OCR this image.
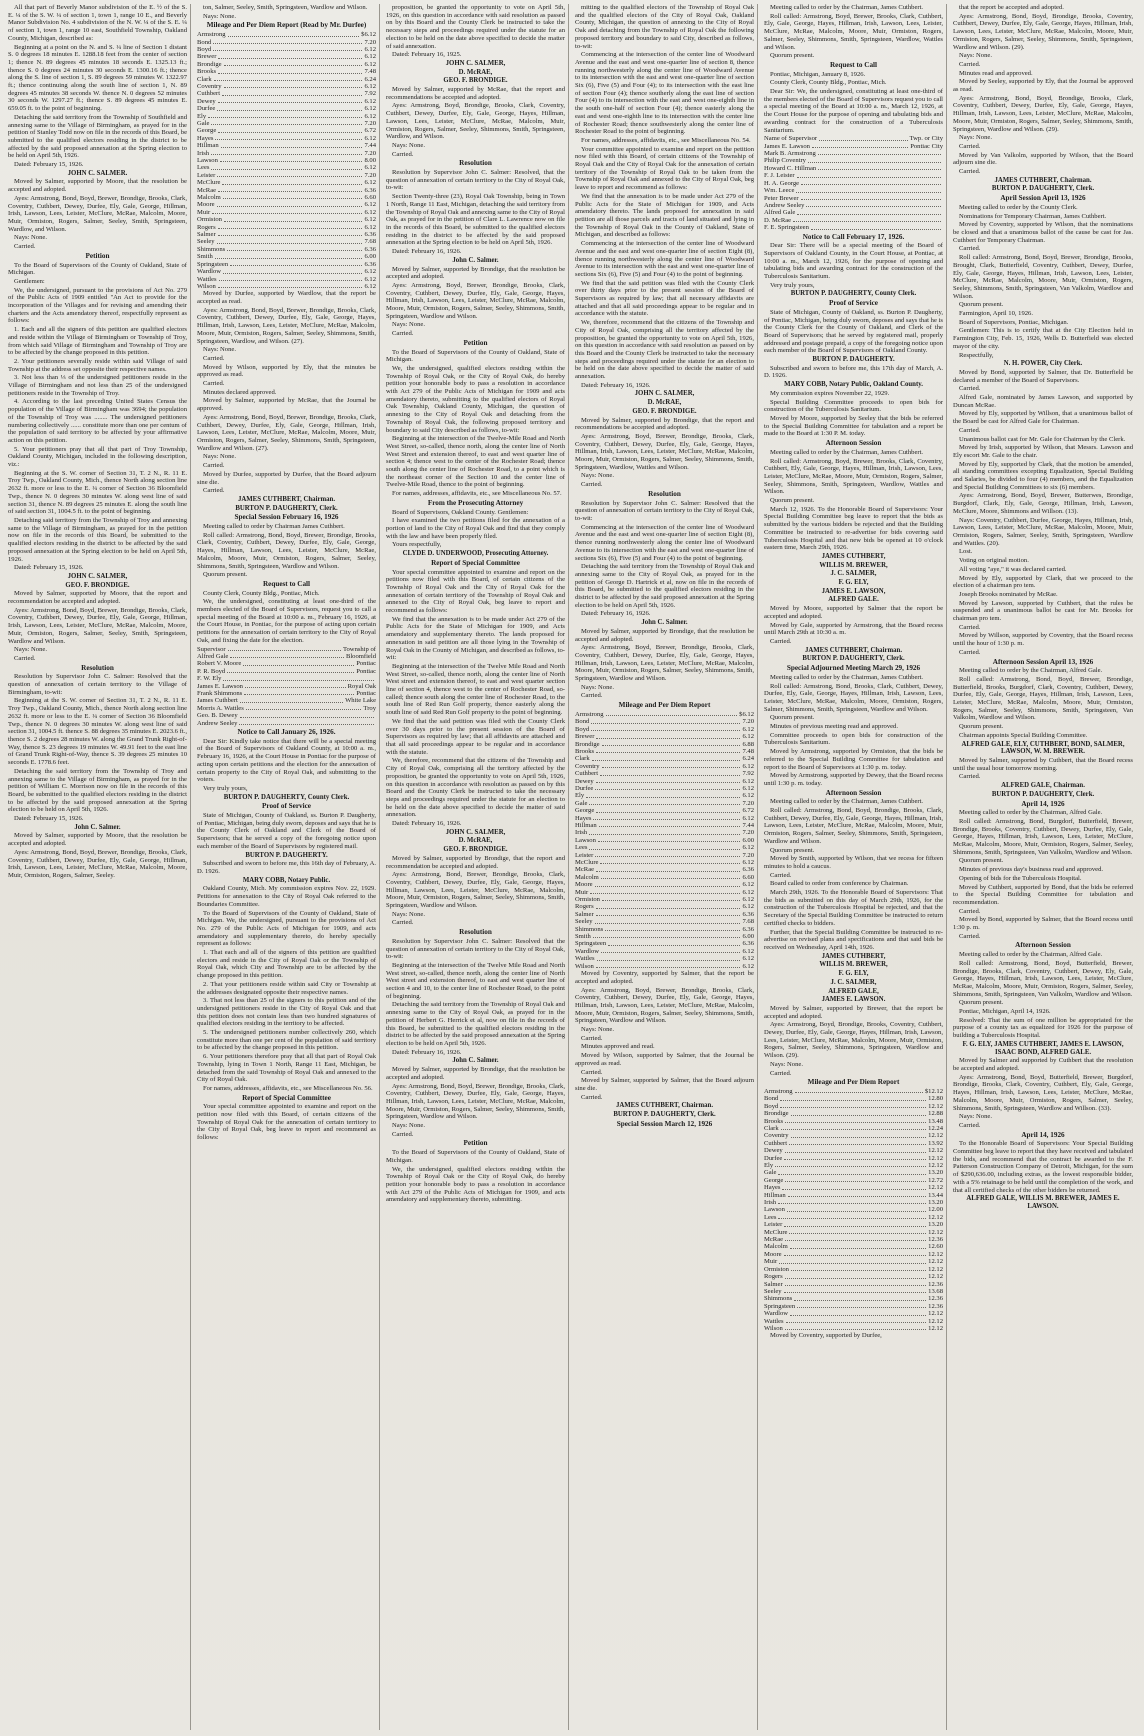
All that part of Beverly Manor subdivision of the E. ½ of the S. E. ¼ of the S. W. ¼ of section 1, town 1, range 10 E., and Beverly Manor Subdivision No. 4 subdivision of the N. W. ¼ of the S. E. ¼ of section 1, town 1, range 10 east, Southfield Township, Oakland County, Michigan, described as:

Beginning at a point on the N. and S. ¼ line of Section 1 distant S. 0 degrees 18 minutes E. 1288.18 feet from the center of section 1; thence N. 89 degrees 45 minutes 18 seconds E. 1325.13 ft.; thence S. 0 degrees 24 minutes 30 seconds E. 1300.16 ft.; thence along the S. line of section 1, S. 89 degrees 59 minutes W. 1322.97 ft.; thence continuing along the south line of section 1, N. 89 degrees 45 minutes 38 seconds W. thence N. 0 degrees 52 minutes 30 seconds W. 1297.27 ft.; thence S. 89 degrees 45 minutes E. 659.05 ft. to the point of beginning.

Detaching the said territory from the Township of Southfield and annexing same to the Village of Birmingham, as prayed for in the petition of Stanley Todd now on file in the records of this Board, be submitted to the qualified electors residing in the district to be affected by the said proposed annexation at the Spring election to be held on April 5th, 1926.

Dated: February 15, 1926.

JOHN C. SALMER.

Moved by Salmer, supported by Moore, that the resolution be accepted and adopted.

Ayes: Armstrong, Bond, Boyd, Brewer, Brondige, Brooks, Clark, Coventry, Cuthbert, Dewey, Durfee, Ely, Gale, George, Hillman, Irish, Lawson, Lees, Leister, McClure, McRae, Malcolm, Moore, Muir, Ormiston, Rogers, Salmer, Seeley, Smith, Springsteen, Wardlow, and Wilson.

Nays: None.

Carried.

Petition

To the Board of Supervisors of the County of Oakland, State of Michigan.

Gentlemen:

We, the undersigned, pursuant to the provisions of Act No. 279 of the Public Acts of 1909 entitled "An Act to provide for the incorporation of the Villages and for revising and amending their charters and the Acts amendatory thereof, respectfully represent as follows:

1. Each and all the signers of this petition are qualified electors and reside within the Village of Birmingham or Township of Troy, from which said Village of Birmingham and Township of Troy are to be affected by the change proposed in this petition.

2. Your petitioners severally reside within said Village of said Township at the address set opposite their respective names.

3. Not less than ⅓ of the undersigned petitioners reside in the Village of Birmingham and not less than 25 of the undersigned petitioners reside in the Township of Troy.

4. According to the last preceding United States Census the population of the Village of Birmingham was 3694; the population of the Township of Troy was ........ The undersigned petitioners numbering collectively ...... constitute more than one per centum of the population of said territory to be affected by your affirmative action on this petition.

5. Your petitioners pray that all that part of Troy Township, Oakland County, Michigan, included in the following description, viz.:

Beginning at the S. W. corner of Section 31, T. 2 N., R. 11 E. Troy Twp., Oakland County, Mich., thence North along section line 2632 ft. more or less to the E. ¼ corner of Section 36 Bloomfield Twp., thence N. 0 degrees 30 minutes W. along west line of said section 31, thence N. 89 degrees 25 minutes E. along the south line of said section 31, 1004.5 ft. to the point of beginning.

Detaching said territory from the Township of Troy and annexing same to the Village of Birmingham, as prayed for in the petition now on file in the records of this Board, be submitted to the qualified electors residing in the district to be affected by the said proposed annexation at the Spring election to be held on April 5th, 1926.

Dated: February 15, 1926.

JOHN C. SALMER,
GEO. F. BRONDIGE.

Moved by Salmer, supported by Moore, that the report and recommendation be accepted and adopted.

Ayes: Armstrong, Bond, Boyd, Brewer, Brondige, Brooks, Clark, Coventry, Cuthbert, Dewey, Durfee, Ely, Gale, George, Hillman, Irish, Lawson, Lees, Leister, McClure, McRae, Malcolm, Moore, Muir, Ormiston, Rogers, Salmer, Seeley, Smith, Springsteen, Wardlow and Wilson.

Nays: None.

Carried.

Resolution

Resolution by Supervisor John C. Salmer: Resolved that the question of annexation of certain territory to the Village of Birmingham, to-wit:

Beginning at the S. W. corner of Section 31, T. 2 N., R. 11 E. Troy Twp., Oakland County, Mich., thence North along section line 2632 ft. more or less to the E. ¼ corner of Section 36 Bloomfield Twp., thence N. 0 degrees 30 minutes W. along west line of said section 31, 1004.5 ft. thence S. 88 degrees 35 minutes E. 2023.6 ft., thence S. 2 degrees 28 minutes W. along the Grand Trunk Right-of-Way, thence S. 23 degrees 19 minutes W. 49.91 feet to the east line of Grand Trunk Right-of-Way, thence S. 39 degrees 25 minutes 10 seconds E. 1778.6 feet.

Detaching the said territory from the Township of Troy and annexing same to the Village of Birmingham, as prayed for in the petition of William C. Morrison now on file in the records of this Board, be submitted to the qualified electors residing in the district to be affected by the said proposed annexation at the Spring election to be held on April 5th, 1926.

Dated: February 15, 1926.

John C. Salmer.

Moved by Salmer, supported by Moore, that the resolution be accepted and adopted.

Ayes: Armstrong, Bond, Boyd, Brewer, Brondige, Brooks, Clark, Coventry, Cuthbert, Dewey, Durfee, Ely, Gale, George, Hillman, Irish, Lawson, Lees, Leister, McClure, McRae, Malcolm, Moore, Muir, Ormiston, Rogers, Salmer, Seeley.

ton, Salmer, Seeley, Smith, Springsteen, Wardlow and Wilson.

Nays: None.

Mileage and Per Diem Report (Read by Mr. Durfee)
Armstrong	$6.12
Bond	7.20
Boyd	6.12
Brewer	6.12
Brondige	6.12
Brooks	7.48
Clark	6.24
Coventry	6.12
Cuthbert	7.92
Dewey	6.12
Durfee	6.12
Ely	6.12
Gale	7.20
George	6.72
Hayes	6.12
Hillman	7.44
Irish	7.20
Lawson	8.00
Lees	6.12
Leister	7.20
McClure	6.12
McRae	6.36
Malcolm	6.60
Moore	6.12
Muir	6.12
Ormiston	6.12
Rogers	6.12
Salmer	6.36
Seeley	7.68
Shimmons	6.36
Smith	6.00
Springsteen	6.36
Wardlow	6.12
Wattles	6.12
Wilson	6.12

Moved by Durfee, supported by Wardlow, that the report be accepted as read.

Ayes: Armstrong, Bond, Boyd, Brewer, Brondige, Brooks, Clark, Coventry, Cuthbert, Dewey, Durfee, Ely, Gale, George, Hayes, Hillman, Irish, Lawson, Lees, Leister, McClure, McRae, Malcolm, Moore, Muir, Ormiston, Rogers, Salmer, Seeley, Shimmons, Smith, Springsteen, Wardlow, and Wilson. (27).

Nays: None.

Carried.

Moved by Wilson, supported by Ely, that the minutes be approved as read.

Carried.

Minutes declared approved.

Moved by Salmer, supported by McRae, that the Journal be approved.

Ayes: Armstrong, Bond, Boyd, Brewer, Brondige, Brooks, Clark, Cuthbert, Dewey, Durfee, Ely, Gale, George, Hillman, Irish, Lawson, Lees, Leister, McClure, McRae, Malcolm, Moore, Muir, Ormiston, Rogers, Salmer, Seeley, Shimmons, Smith, Springsteen, Wardlow and Wilson. (27).

Nays: None.

Carried.

Moved by Durfee, supported by Durfee, that the Board adjourn sine die.

Carried.

JAMES CUTHBERT, Chairman.
BURTON P. DAUGHERTY, Clerk.
Special Session February 16, 1926

Meeting called to order by Chairman James Cuthbert.

Roll called: Armstrong, Bond, Boyd, Brewer, Brondige, Brooks, Clark, Coventry, Cuthbert, Dewey, Durfee, Ely, Gale, George, Hayes, Hillman, Lawson, Lees, Leister, McClure, McRae, Malcolm, Moore, Muir, Ormiston, Rogers, Salmer, Seeley, Shimmons, Smith, Springsteen, Wardlow and Wilson.

Quorum present.

Request to Call

County Clerk, County Bldg., Pontiac, Mich.

We, the undersigned, constituting at least one-third of the members elected of the Board of Supervisors, request you to call a special meeting of the Board at 10:00 a. m., February 16, 1926, at the Court House, in Pontiac, for the purpose of acting upon certain petitions for the annexation of certain territory to the City of Royal Oak, and fixing the date for the election.

Supervisor	Township of
Alfred Gale	Bloomfield
Robert V. Moore	Pontiac
P. R. Boyd	Pontiac
F. W. Ely
James E. Lawson	Royal Oak
Frank Shimmons	Pontiac
James Cuthbert	White Lake
Morris A. Wattles	Troy
Geo. B. Dewey
Andrew Seeley
Notice to Call January 26, 1926.

Dear Sir: Kindly take notice that there will be a special meeting of the Board of Supervisors of Oakland County, at 10:00 a. m., February 16, 1926, at the Court House in Pontiac for the purpose of acting upon certain petitions and the election for the annexation of certain property to the City of Royal Oak, and submitting to the voters.

Very truly yours,

BURTON P. DAUGHERTY, County Clerk.
Proof of Service

State of Michigan, County of Oakland, ss. Burton P. Daugherty, of Pontiac, Michigan, being duly sworn, deposes and says that he is the County Clerk of Oakland and Clerk of the Board of Supervisors; that he served a copy of the foregoing notice upon each member of the Board of Supervisors by registered mail.

BURTON P. DAUGHERTY.

Subscribed and sworn to before me, this 16th day of February, A. D. 1926.

MARY COBB, Notary Public.

Oakland County, Mich. My commission expires Nov. 22, 1929. Petitions for annexation to the City of Royal Oak referred to the Boundaries Committee.

To the Board of Supervisors of the County of Oakland, State of Michigan. We, the undersigned, pursuant to the provisions of Act No. 279 of the Public Acts of Michigan for 1909, and acts amendatory and supplementary thereto, do hereby specially represent as follows:

1. That each and all of the signers of this petition are qualified electors and reside in the City of Royal Oak or the Township of Royal Oak, which City and Township are to be affected by the change proposed in this petition.

2. That your petitioners reside within said City or Township at the addresses designated opposite their respective names.

3. That not less than 25 of the signers to this petition and of the undersigned petitioners reside in the City of Royal Oak and that this petition does not contain less than two hundred signatures of qualified electors residing in the territory to be affected.

5. The undersigned petitioners number collectively 260, which constitute more than one per cent of the population of said territory to be affected by the change proposed in this petition.

6. Your petitioners therefore pray that all that part of Royal Oak Township, lying in Town 1 North, Range 11 East, Michigan, be detached from the said Township of Royal Oak and annexed to the City of Royal Oak.

For names, addresses, affidavits, etc., see Miscellaneous No. 56.

Report of Special Committee

Your special committee appointed to examine and report on the petition now filed with this Board, of certain citizens of the Township of Royal Oak for the annexation of certain territory to the City of Royal Oak, beg leave to report and recommend as follows:

proposition, be granted the opportunity to vote on April 5th, 1926, on this question in accordance with said resolution as passed on by this Board and the County Clerk be instructed to take the necessary steps and proceedings required under the statute for an election to be held on the date above specified to decide the matter of said annexation.

Dated: February 16, 1925.

JOHN C. SALMER,
D. McRAE,
GEO. F. BRONDIGE.

Moved by Salmer, supported by McRae, that the report and recommendations be accepted and adopted.

Ayes: Armstrong, Boyd, Brondige, Brooks, Clark, Coventry, Cuthbert, Dewey, Durfee, Ely, Gale, George, Hayes, Hillman, Lawson, Lees, Leister, McClure, McRae, Malcolm, Muir, Ormiston, Rogers, Salmer, Seeley, Shimmons, Smith, Springsteen, Wardlow, and Wilson.

Nays: None.

Carried.

Resolution

Resolution by Supervisor John C. Salmer: Resolved, that the question of annexation of certain territory to the City of Royal Oak, to-wit:

Section Twenty-three (23), Royal Oak Township, being in Town 1 North, Range 11 East, Michigan, detaching the said territory from the Township of Royal Oak and annexing same to the City of Royal Oak, as prayed for in the petition of Clare L. Lawrence now on file in the records of this Board, be submitted to the qualified electors residing in the district to be affected by the said proposed annexation at the Spring election to be held on April 5th, 1926.

Dated: February 16, 1926.

John C. Salmer.

Moved by Salmer, supported by Brondige, that the resolution be accepted and adopted.

Ayes: Armstrong, Boyd, Brewer, Brondige, Brooks, Clark, Coventry, Cuthbert, Dewey, Durfee, Ely, Gale, George, Hayes, Hillman, Irish, Lawson, Lees, Leister, McClure, McRae, Malcolm, Moore, Muir, Ormiston, Rogers, Salmer, Seeley, Shimmons, Smith, Springsteen, Wardlow and Wilson.

Nays: None.

Carried.

Petition

To the Board of Supervisors of the County of Oakland, State of Michigan.

We, the undersigned, qualified electors residing within the Township of Royal Oak, or the City of Royal Oak, do hereby petition your honorable body to pass a resolution in accordance with Act 279 of the Public Acts of Michigan for 1909 and acts amendatory thereto, submitting to the qualified electors of Royal Oak Township, Oakland County, Michigan, the question of annexing to the City of Royal Oak and detaching from the Township of Royal Oak, the following proposed territory and boundary to said City described as follows, to-wit:

Beginning at the intersection of the Twelve-Mile Road and North West Street, so-called, thence north, along the center line of North West Street and extension thereof, to east and west quarter line of section 4; thence west to the center of the Rochester Road; thence south along the center line of Rochester Road, to a point which is the northeast corner of the Section 10 and the center line of Twelve-Mile Road, thence to the point of beginning.

For names, addresses, affidavits, etc., see Miscellaneous No. 57.

From the Prosecuting Attorney

Board of Supervisors, Oakland County. Gentlemen:

I have examined the two petitions filed for the annexation of a portion of land to the City of Royal Oak and find that they comply with the law and have been properly filed.

Yours respectfully,

CLYDE D. UNDERWOOD, Prosecuting Attorney.
Report of Special Committee

Your special committee appointed to examine and report on the petitions now filed with this Board, of certain citizens of the Township of Royal Oak and the City of Royal Oak for the annexation of certain territory of the Township of Royal Oak and annexed to the City of Royal Oak, beg leave to report and recommend as follows:

We find that the annexation is to be made under Act 279 of the Public Acts for the State of Michigan for 1909, and Acts amendatory and supplementary thereto. The lands proposed for annexation in said petition are all those lying in the Township of Royal Oak in the County of Michigan, and described as follows, to-wit:

Beginning at the intersection of the Twelve Mile Road and North West Street, so-called, thence north, along the center line of North West street and extension thereof, to east and west quarter section line of section 4, thence west to the center of Rochester Road, so-called; thence south along the center line of Rochester Road, to the south line of Red Run Golf property, thence easterly along the south line of said Red Run Golf property to the point of beginning.

We find that the said petition was filed with the County Clerk over 30 days prior to the present session of the Board of Supervisors as required by law; that all affidavits are attached and that all said proceedings appear to be regular and in accordance with the statute.

We, therefore, recommend that the citizens of the Township and City of Royal Oak, comprising all the territory affected by the proposition, be granted the opportunity to vote on April 5th, 1926, on this question in accordance with resolution as passed on by this Board and the County Clerk be instructed to take the necessary steps and proceedings required under the statute for an election to be held on the date above specified to decide the matter of said annexation.

Dated: February 16, 1926.

JOHN C. SALMER,
D. McRAE,
GEO. F. BRONDIGE.

Moved by Salmer, supported by Brondige, that the report and recommendation be accepted and adopted.

Ayes: Armstrong, Bond, Brewer, Brondige, Brooks, Clark, Coventry, Cuthbert, Dewey, Durfee, Ely, Gale, George, Hayes, Hillman, Lawson, Lees, Leister, McClure, McRae, Malcolm, Moore, Muir, Ormiston, Rogers, Salmer, Seeley, Shimmons, Smith, Springsteen, Wardlow and Wilson.

Nays: None.

Carried.

Resolution

Resolution by Supervisor John C. Salmer: Resolved that the question of annexation of certain territory to the City of Royal Oak, to-wit:

Beginning at the intersection of the Twelve Mile Road and North West street, so-called, thence north, along the center line of North West street and extension thereof, to east and west quarter line of section 4 and 10, to the center line of Rochester Road, to the point of beginning.

Detaching the said territory from the Township of Royal Oak and annexing same to the City of Royal Oak, as prayed for in the petition of Herbert G. Herrick et al, now on file in the records of this Board, be submitted to the qualified electors residing in the district to be affected by the said proposed annexation at the Spring election to be held on April 5th, 1926.

Dated: February 16, 1926.

John C. Salmer.

Moved by Salmer, supported by Brondige, that the resolution be accepted and adopted.

Ayes: Armstrong, Bond, Boyd, Brewer, Brondige, Brooks, Clark, Coventry, Cuthbert, Dewey, Durfee, Ely, Gale, George, Hayes, Hillman, Irish, Lawson, Lees, Leister, McClure, McRae, Malcolm, Moore, Muir, Ormiston, Rogers, Salmer, Seeley, Shimmons, Smith, Springsteen, Wardlow and Wilson.

Nays: None.

Carried.

Petition

To the Board of Supervisors of the County of Oakland, State of Michigan.

We, the undersigned, qualified electors residing within the Township of Royal Oak or the City of Royal Oak, do hereby petition your honorable body to pass a resolution in accordance with Act 279 of the Public Acts of Michigan for 1909, and acts amendatory and supplementary thereto, submitting.

mitting to the qualified electors of the Township of Royal Oak and the qualified electors of the City of Royal Oak, Oakland County, Michigan, the question of annexing to the City of Royal Oak and detaching from the Township of Royal Oak the following proposed territory and boundary to said City, described as follows, to-wit:

Commencing at the intersection of the center line of Woodward Avenue and the east and west one-quarter line of section 8, thence running northwesterly along the center line of Woodward Avenue to its intersection with the east and west one-quarter line of section Six (6), Five (5) and Four (4); to its intersection with the east line of section Four (4); thence southerly along the east line of section Four (4) to its intersection with the east and west one-eighth line in the south one-half of section Four (4); thence easterly along the east and west one-eighth line to its intersection with the center line of Rochester Road; thence southwesterly along the center line of Rochester Road to the point of beginning.

For names, addresses, affidavits, etc., see Miscellaneous No. 54.

Your committee appointed to examine and report on the petition now filed with this Board, of certain citizens of the Township of Royal Oak and the City of Royal Oak for the annexation of certain territory of the Township of Royal Oak to be taken from the Township of Royal Oak and annexed to the City of Royal Oak, beg leave to report and recommend as follows:

We find that the annexation is to be made under Act 279 of the Public Acts for the State of Michigan for 1909, and Acts amendatory thereto. The lands proposed for annexation in said petition are all those parcels and tracts of land situated and lying in the Township of Royal Oak in the County of Oakland, State of Michigan, and described as follows:

Commencing at the intersection of the center line of Woodward Avenue and the east and west one-quarter line of section Eight (8), thence running northwesterly along the center line of Woodward Avenue to its intersection with the east and west one-quarter line of sections Six (6), Five (5) and Four (4) to the point of beginning.

We find that the said petition was filed with the County Clerk over thirty days prior to the present session of the Board of Supervisors as required by law; that all necessary affidavits are attached and that all said proceedings appear to be regular and in accordance with the statute.

We, therefore, recommend that the citizens of the Township and City of Royal Oak, comprising all the territory affected by the proposition, be granted the opportunity to vote on April 5th, 1926, on this question in accordance with said resolution as passed on by this Board and the County Clerk be instructed to take the necessary steps and proceedings required under the statute for an election to be held on the date above specified to decide the matter of said annexation.

Dated: February 16, 1926.

JOHN C. SALMER,
D. McRAE,
GEO. F. BRONDIGE.

Moved by Salmer, supported by Brondige, that the report and recommendations be accepted and adopted.

Ayes: Armstrong, Boyd, Brewer, Brondige, Brooks, Clark, Coventry, Cuthbert, Dewey, Durfee, Ely, Gale, George, Hayes, Hillman, Irish, Lawson, Lees, Leister, McClure, McRae, Malcolm, Moore, Muir, Ormiston, Rogers, Salmer, Seeley, Shimmons, Smith, Springsteen, Wardlow, Wattles and Wilson.

Nays: None.

Carried.

Resolution

Resolution by Supervisor John C. Salmer: Resolved that the question of annexation of certain territory to the City of Royal Oak, to-wit:

Commencing at the intersection of the center line of Woodward Avenue and the east and west one-quarter line of section Eight (8), thence running northwesterly along the center line of Woodward Avenue to its intersection with the east and west one-quarter line of sections Six (6), Five (5) and Four (4) to the point of beginning.

Detaching the said territory from the Township of Royal Oak and annexing same to the City of Royal Oak, as prayed for in the petition of George D. Hartrick et al, now on file in the records of this Board, be submitted to the qualified electors residing in the district to be affected by the said proposed annexation at the Spring election to be held on April 5th, 1926.

Dated: February 16, 1926.

John C. Salmer.

Moved by Salmer, supported by Brondige, that the resolution be accepted and adopted.

Ayes: Armstrong, Boyd, Brewer, Brondige, Brooks, Clark, Coventry, Cuthbert, Dewey, Durfee, Ely, Gale, George, Hayes, Hillman, Irish, Lawson, Lees, Leister, McClure, McRae, Malcolm, Moore, Muir, Ormiston, Rogers, Salmer, Seeley, Shimmons, Smith, Springsteen, Wardlow and Wilson.

Nays: None.

Carried.

Mileage and Per Diem Report
Armstrong	$6.12
Bond	7.20
Boyd	6.12
Brewer	6.12
Brondige	6.88
Brooks	7.48
Clark	6.24
Coventry	6.12
Cuthbert	7.92
Dewey	6.12
Durfee	6.12
Ely	6.12
Gale	7.20
George	6.72
Hayes	6.12
Hillman	7.44
Irish	7.20
Lawson	6.00
Lees	6.12
Leister	7.20
McClure	6.12
McRae	6.36
Malcolm	6.60
Moore	6.12
Muir	6.12
Ormiston	6.12
Rogers	6.12
Salmer	6.36
Seeley	7.68
Shimmons	6.36
Smith	6.00
Springsteen	6.36
Wardlow	6.12
Wattles	6.12
Wilson	6.12

Moved by Coventry, supported by Salmer, that the report be accepted and adopted.

Ayes: Armstrong, Boyd, Brewer, Brondige, Brooks, Clark, Coventry, Cuthbert, Dewey, Durfee, Ely, Gale, George, Hayes, Hillman, Irish, Lawson, Lees, Leister, McClure, McRae, Malcolm, Moore, Muir, Ormiston, Rogers, Salmer, Seeley, Shimmons, Smith, Springsteen, Wardlow and Wilson.

Nays: None.

Carried.

Minutes approved and read.

Moved by Wilson, supported by Salmer, that the Journal be approved as read.

Carried.

Moved by Salmer, supported by Salmer, that the Board adjourn sine die.

Carried.

JAMES CUTHBERT, Chairman.
BURTON P. DAUGHERTY, Clerk.
Special Session March 12, 1926

Meeting called to order by the Chairman, James Cuthbert.

Roll called: Armstrong, Boyd, Brewer, Brooks, Clark, Cuthbert, Ely, Gale, George, Hayes, Hillman, Irish, Lawson, Lees, Leister, McClure, McRae, Malcolm, Moore, Muir, Ormiston, Rogers, Salmer, Seeley, Shimmons, Smith, Springsteen, Wardlow, Wattles and Wilson.

Quorum present.

Request to Call

Pontiac, Michigan, January 8, 1926.

County Clerk, County Bldg., Pontiac, Mich.

Dear Sir: We, the undersigned, constituting at least one-third of the members elected of the Board of Supervisors request you to call a special meeting of the Board at 10:00 a. m., March 12, 1926, at the Court House for the purpose of opening and tabulating bids and awarding contract for the construction of a Tuberculosis Sanitarium.

Name of Supervisor	Twp. or City
James E. Lawson	Pontiac City
Mark B. Armstrong
Philip Coventry
Howard C. Hillman
F. J. Leister
H. A. George
Wm. Leece
Peter Brewer
Andrew Seeley
Alfred Gale
D. McRae
F. E. Springsteen
Notice to Call February 17, 1926.

Dear Sir: There will be a special meeting of the Board of Supervisors of Oakland County, in the Court House, at Pontiac, at 10:00 a. m., March 12, 1926, for the purpose of opening and tabulating bids and awarding contract for the construction of the Tuberculosis Sanitarium.

Very truly yours,

BURTON P. DAUGHERTY, County Clerk.
Proof of Service

State of Michigan, County of Oakland, ss. Burton P. Daugherty, of Pontiac, Michigan, being duly sworn, deposes and says that he is the County Clerk for the County of Oakland, and Clerk of the Board of Supervisors; that he served by registered mail, properly addressed and postage prepaid, a copy of the foregoing notice upon each member of the Board of Supervisors of Oakland County.

BURTON P. DAUGHERTY.

Subscribed and sworn to before me, this 17th day of March, A. D. 1926.

MARY COBB, Notary Public, Oakland County.

My commission expires November 22, 1929.

Special Building Committee proceeds to open bids for construction of the Tuberculosis Sanitarium.

Moved by Moore, supported by Seeley that the bids be referred to the Special Building Committee for tabulation and a report be made to the Board at 1:30 P. M. today.

Afternoon Session

Meeting called to order by the Chairman, James Cuthbert.

Roll called: Armstrong, Boyd, Brewer, Brooks, Clark, Coventry, Cuthbert, Ely, Gale, George, Hayes, Hillman, Irish, Lawson, Lees, Leister, McClure, McRae, Moore, Muir, Ormiston, Rogers, Salmer, Seeley, Shimmons, Smith, Springsteen, Wardlow, Wattles and Wilson.

Quorum present.

March 12, 1926. To the Honorable Board of Supervisors: Your Special Building Committee beg leave to report that the bids as submitted by the various bidders be rejected and that the Building Committee be instructed to re-advertise for bids covering said Tuberculosis Hospital and that new bids be opened at 10 o'clock eastern time, March 29th, 1926.

JAMES CUTHBERT,
WILLIS M. BREWER,
J. C. SALMER,
F. G. ELY,
JAMES E. LAWSON,
ALFRED GALE.

Moved by Moore, supported by Salmer that the report be accepted and adopted.

Moved by Gale, supported by Armstrong, that the Board recess until March 29th at 10:30 a. m.

Carried.

JAMES CUTHBERT, Chairman.
BURTON P. DAUGHERTY, Clerk.
Special Adjourned Meeting March 29, 1926

Meeting called to order by the Chairman, James Cuthbert.

Roll called: Armstrong, Bond, Brooks, Clark, Cuthbert, Dewey, Durfee, Ely, Gale, George, Hayes, Hillman, Irish, Lawson, Lees, Leister, McClure, McRae, Malcolm, Moore, Ormiston, Rogers, Salmer, Shimmons, Smith, Springsteen, Wardlow and Wilson.

Quorum present.

Minutes of previous meeting read and approved.

Committee proceeds to open bids for construction of the Tuberculosis Sanitarium.

Moved by Armstrong, supported by Ormiston, that the bids be referred to the Special Building Committee for tabulation and report to the Board of Supervisors at 1:30 p. m. today.

Moved by Armstrong, supported by Dewey, that the Board recess until 1:30 p. m. today.

Afternoon Session

Meeting called to order by the Chairman, James Cuthbert.

Roll called: Armstrong, Bond, Boyd, Brondige, Brooks, Clark, Cuthbert, Dewey, Durfee, Ely, Gale, George, Hayes, Hillman, Irish, Lawson, Lees, Leister, McClure, McRae, Malcolm, Moore, Muir, Ormiston, Rogers, Salmer, Seeley, Shimmons, Smith, Springsteen, Wardlow and Wilson.

Quorum present.

Moved by Smith, supported by Wilson, that we recess for fifteen minutes to hold a caucus.

Carried.

Board called to order from conference by Chairman.

March 29th, 1926. To the Honorable Board of Supervisors: That the bids as submitted on this day of March 29th, 1926, for the construction of the Tuberculosis Hospital be rejected, and that the Secretary of the Special Building Committee be instructed to return certified checks to bidders.

Further, that the Special Building Committee be instructed to re-advertise on revised plans and specifications and that said bids be received on Wednesday, April 14th, 1926.

JAMES CUTHBERT,
WILLIS M. BREWER,
F. G. ELY,
J. C. SALMER,
ALFRED GALE,
JAMES E. LAWSON.

Moved by Salmer, supported by Brewer, that the report be accepted and adopted.

Ayes: Armstrong, Boyd, Brondige, Brooks, Coventry, Cuthbert, Dewey, Durfee, Ely, Gale, George, Hayes, Hillman, Irish, Lawson, Lees, Leister, McClure, McRae, Malcolm, Moore, Muir, Ormiston, Rogers, Salmer, Seeley, Shimmons, Springsteen, Wardlow and Wilson. (29).

Nays: None.

Carried.

Mileage and Per Diem Report
Armstrong	$12.12
Bond	12.80
Boyd	12.12
Brondige	12.88
Brooks	13.48
Clark	12.24
Coventry	12.12
Cuthbert	13.92
Dewey	12.12
Durfee	12.12
Ely	12.12
Gale	13.20
George	12.72
Hayes	12.12
Hillman	13.44
Irish	13.20
Lawson	12.00
Lees	12.12
Leister	13.20
McClure	12.12
McRae	12.36
Malcolm	12.60
Moore	12.12
Muir	12.12
Ormiston	12.12
Rogers	12.12
Salmer	12.36
Seeley	13.68
Shimmons	12.36
Springsteen	12.36
Wardlow	12.12
Wattles	12.12
Wilson	12.12

Moved by Coventry, supported by Durfee,

that the report be accepted and adopted.

Ayes: Armstrong, Bond, Boyd, Brondige, Brooks, Coventry, Cuthbert, Dewey, Durfee, Ely, Gale, George, Hayes, Hillman, Irish, Lawson, Lees, Leister, McClure, McRae, Malcolm, Moore, Muir, Ormiston, Rogers, Salmer, Seeley, Shimmons, Smith, Springsteen, Wardlow and Wilson. (29).

Nays: None.

Carried.

Minutes read and approved.

Moved by Seeley, supported by Ely, that the Journal be approved as read.

Ayes: Armstrong, Bond, Boyd, Brondige, Brooks, Clark, Coventry, Cuthbert, Dewey, Durfee, Ely, Gale, George, Hayes, Hillman, Irish, Lawson, Lees, Leister, McClure, McRae, Malcolm, Moore, Muir, Ormiston, Rogers, Salmer, Seeley, Shimmons, Smith, Springsteen, Wardlow and Wilson. (29).

Nays: None.

Carried.

Moved by Van Valkolm, supported by Wilson, that the Board adjourn sine die.

Carried.

JAMES CUTHBERT, Chairman.
BURTON P. DAUGHERTY, Clerk.
April Session April 13, 1926

Meeting called to order by the County Clerk.

Nominations for Temporary Chairman, James Cuthbert.

Moved by Coventry, supported by Wilson, that the nominations be closed and that a unanimous ballot of the cause be cast for Jas. Cuthbert for Temporary Chairman.

Carried.

Roll called: Armstrong, Bond, Boyd, Brewer, Brondige, Brooks, Brought, Clark, Butterfield, Coventry, Cuthbert, Dewey, Durfee, Ely, Gale, George, Hayes, Hillman, Irish, Lawson, Lees, Leister, McClure, McRae, Malcolm, Moore, Muir, Ormiston, Rogers, Seeley, Shimmons, Smith, Springsteen, Van Valkolm, Wardlow and Wilson.

Quorum present.

Farmington, April 10, 1926.

Board of Supervisors, Pontiac, Michigan.

Gentlemen: This is to certify that at the City Election held in Farmington City, Feb. 15, 1926, Wells D. Butterfield was elected mayor of the city.

Respectfully,

N. H. POWER, City Clerk.

Moved by Bond, supported by Salmer, that Dr. Butterfield be declared a member of the Board of Supervisors.

Carried.

Alfred Gale, nominated by James Lawson, and supported by Duncan McRae.

Moved by Ely, supported by Willson, that a unanimous ballot of the Board be cast for Alfred Gale for Chairman.

Carried.

Unanimous ballot cast for Mr. Gale for Chairman by the Clerk.

Moved by Irish, supported by Wilson, that Messrs. Lawson and Ely escort Mr. Gale to the chair.

Moved by Ely, supported by Clark, that the motion be amended, all standing committees excepting Equalization, Special Building and Salaries, be divided to four (4) members, and the Equalization and Special Building Committees to six (6) members.

Ayes: Armstrong, Bond, Boyd, Brewer, Butterwes, Brondige, Burgdorf, Clark, Ely, Gale, George, Hillman, Irish, Lawson, McClure, Moore, Shimmons and Willson. (13).

Nays: Coventry, Cuthbert, Durfee, George, Hayes, Hillman, Irish, Lawson, Lees, Leister, McClure, McRae, Malcolm, Moore, Muir, Ormiston, Rogers, Salmer, Seeley, Smith, Springsteen, Wardlow and Wattles. (20).

Lost.

Voting on original motion.

All voting "aye," it was declared carried.

Moved by Ely, supported by Clark, that we proceed to the election of a chairman pro tem.

Joseph Brooks nominated by McRae.

Moved by Lawson, supported by Cuthbert, that the rules be suspended and a unanimous ballot be cast for Mr. Brooks for chairman pro tem.

Carried.

Moved by Willson, supported by Coventry, that the Board recess until the hour of 1:30 p. m.

Carried.

Afternoon Session April 13, 1926

Meeting called to order by the Chairman, Alfred Gale.

Roll called: Armstrong, Bond, Boyd, Brewer, Brondige, Butterfield, Brooks, Burgdorf, Clark, Coventry, Cuthbert, Dewey, Durfee, Ely, Gale, George, Hayes, Hillman, Irish, Lawson, Lees, Leister, McClure, McRae, Malcolm, Moore, Muir, Ormiston, Rogers, Salmer, Seeley, Shimmons, Smith, Springsteen, Van Valkolm, Wardlow and Wilson.

Quorum present.

Chairman appoints Special Building Committee.

ALFRED GALE, ELY, CUTHBERT, BOND, SALMER, LAWSON, W. M. BREWER.

Moved by Salmer, supported by Cuthbert, that the Board recess until the usual hour tomorrow morning.

Carried.

ALFRED GALE, Chairman.
BURTON P. DAUGHERTY, Clerk.
April 14, 1926

Meeting called to order by the Chairman, Alfred Gale.

Roll called: Armstrong, Bond, Burgdorf, Butterfield, Brewer, Brondige, Brooks, Coventry, Cuthbert, Dewey, Durfee, Ely, Gale, George, Hayes, Hillman, Irish, Lawson, Lees, Leister, McClure, McRae, Malcolm, Moore, Muir, Ormiston, Rogers, Salmer, Seeley, Shimmons, Smith, Springsteen, Van Valkolm, Wardlow and Wilson.

Quorum present.

Minutes of previous day's business read and approved.

Opening of bids for the Tuberculosis Hospital.

Moved by Cuthbert, supported by Bond, that the bids be referred to the Special Building Committee for tabulation and recommendation.

Carried.

Moved by Bond, supported by Salmer, that the Board recess until 1:30 p. m.

Carried.

Afternoon Session

Meeting called to order by the Chairman, Alfred Gale.

Roll called: Armstrong, Bond, Boyd, Butterfield, Brewer, Brondige, Brooks, Clark, Coventry, Cuthbert, Dewey, Ely, Gale, George, Hayes, Hillman, Irish, Lawson, Lees, Leister, McClure, McRae, Malcolm, Moore, Muir, Ormiston, Rogers, Salmer, Seeley, Shimmons, Smith, Springsteen, Van Valkolm, Wardlow and Wilson.

Quorum present.

Pontiac, Michigan, April 14, 1926.

Resolved: That the sum of one million be appropriated for the purpose of a county tax as equalized for 1926 for the purpose of building a Tuberculosis Hospital.

F. G. ELY, JAMES CUTHBERT, JAMES E. LAWSON, ISAAC BOND, ALFRED GALE.

Moved by Salmer and supported by Cuthbert that the resolution be accepted and adopted.

Ayes: Armstrong, Bond, Boyd, Butterfield, Brewer, Burgdorf, Brondige, Brooks, Clark, Coventry, Cuthbert, Ely, Gale, George, Hayes, Hillman, Irish, Lawson, Lees, Leister, McClure, McRae, Malcolm, Moore, Muir, Ormiston, Rogers, Salmer, Seeley, Shimmons, Smith, Springsteen, Wardlow and Willson. (33).

Nays: None.

Carried.

April 14, 1926

To the Honorable Board of Supervisors: Your Special Building Committee beg leave to report that they have received and tabulated the bids, and recommend that the contract be awarded to the F. Patterson Construction Company of Detroit, Michigan, for the sum of $290,636.00, including extras, as the lowest responsible bidder, with a 5% retainage to be held until the completion of the work, and that all certified checks of the other bidders be returned.

ALFRED GALE, WILLIS M. BREWER, JAMES E. LAWSON.
